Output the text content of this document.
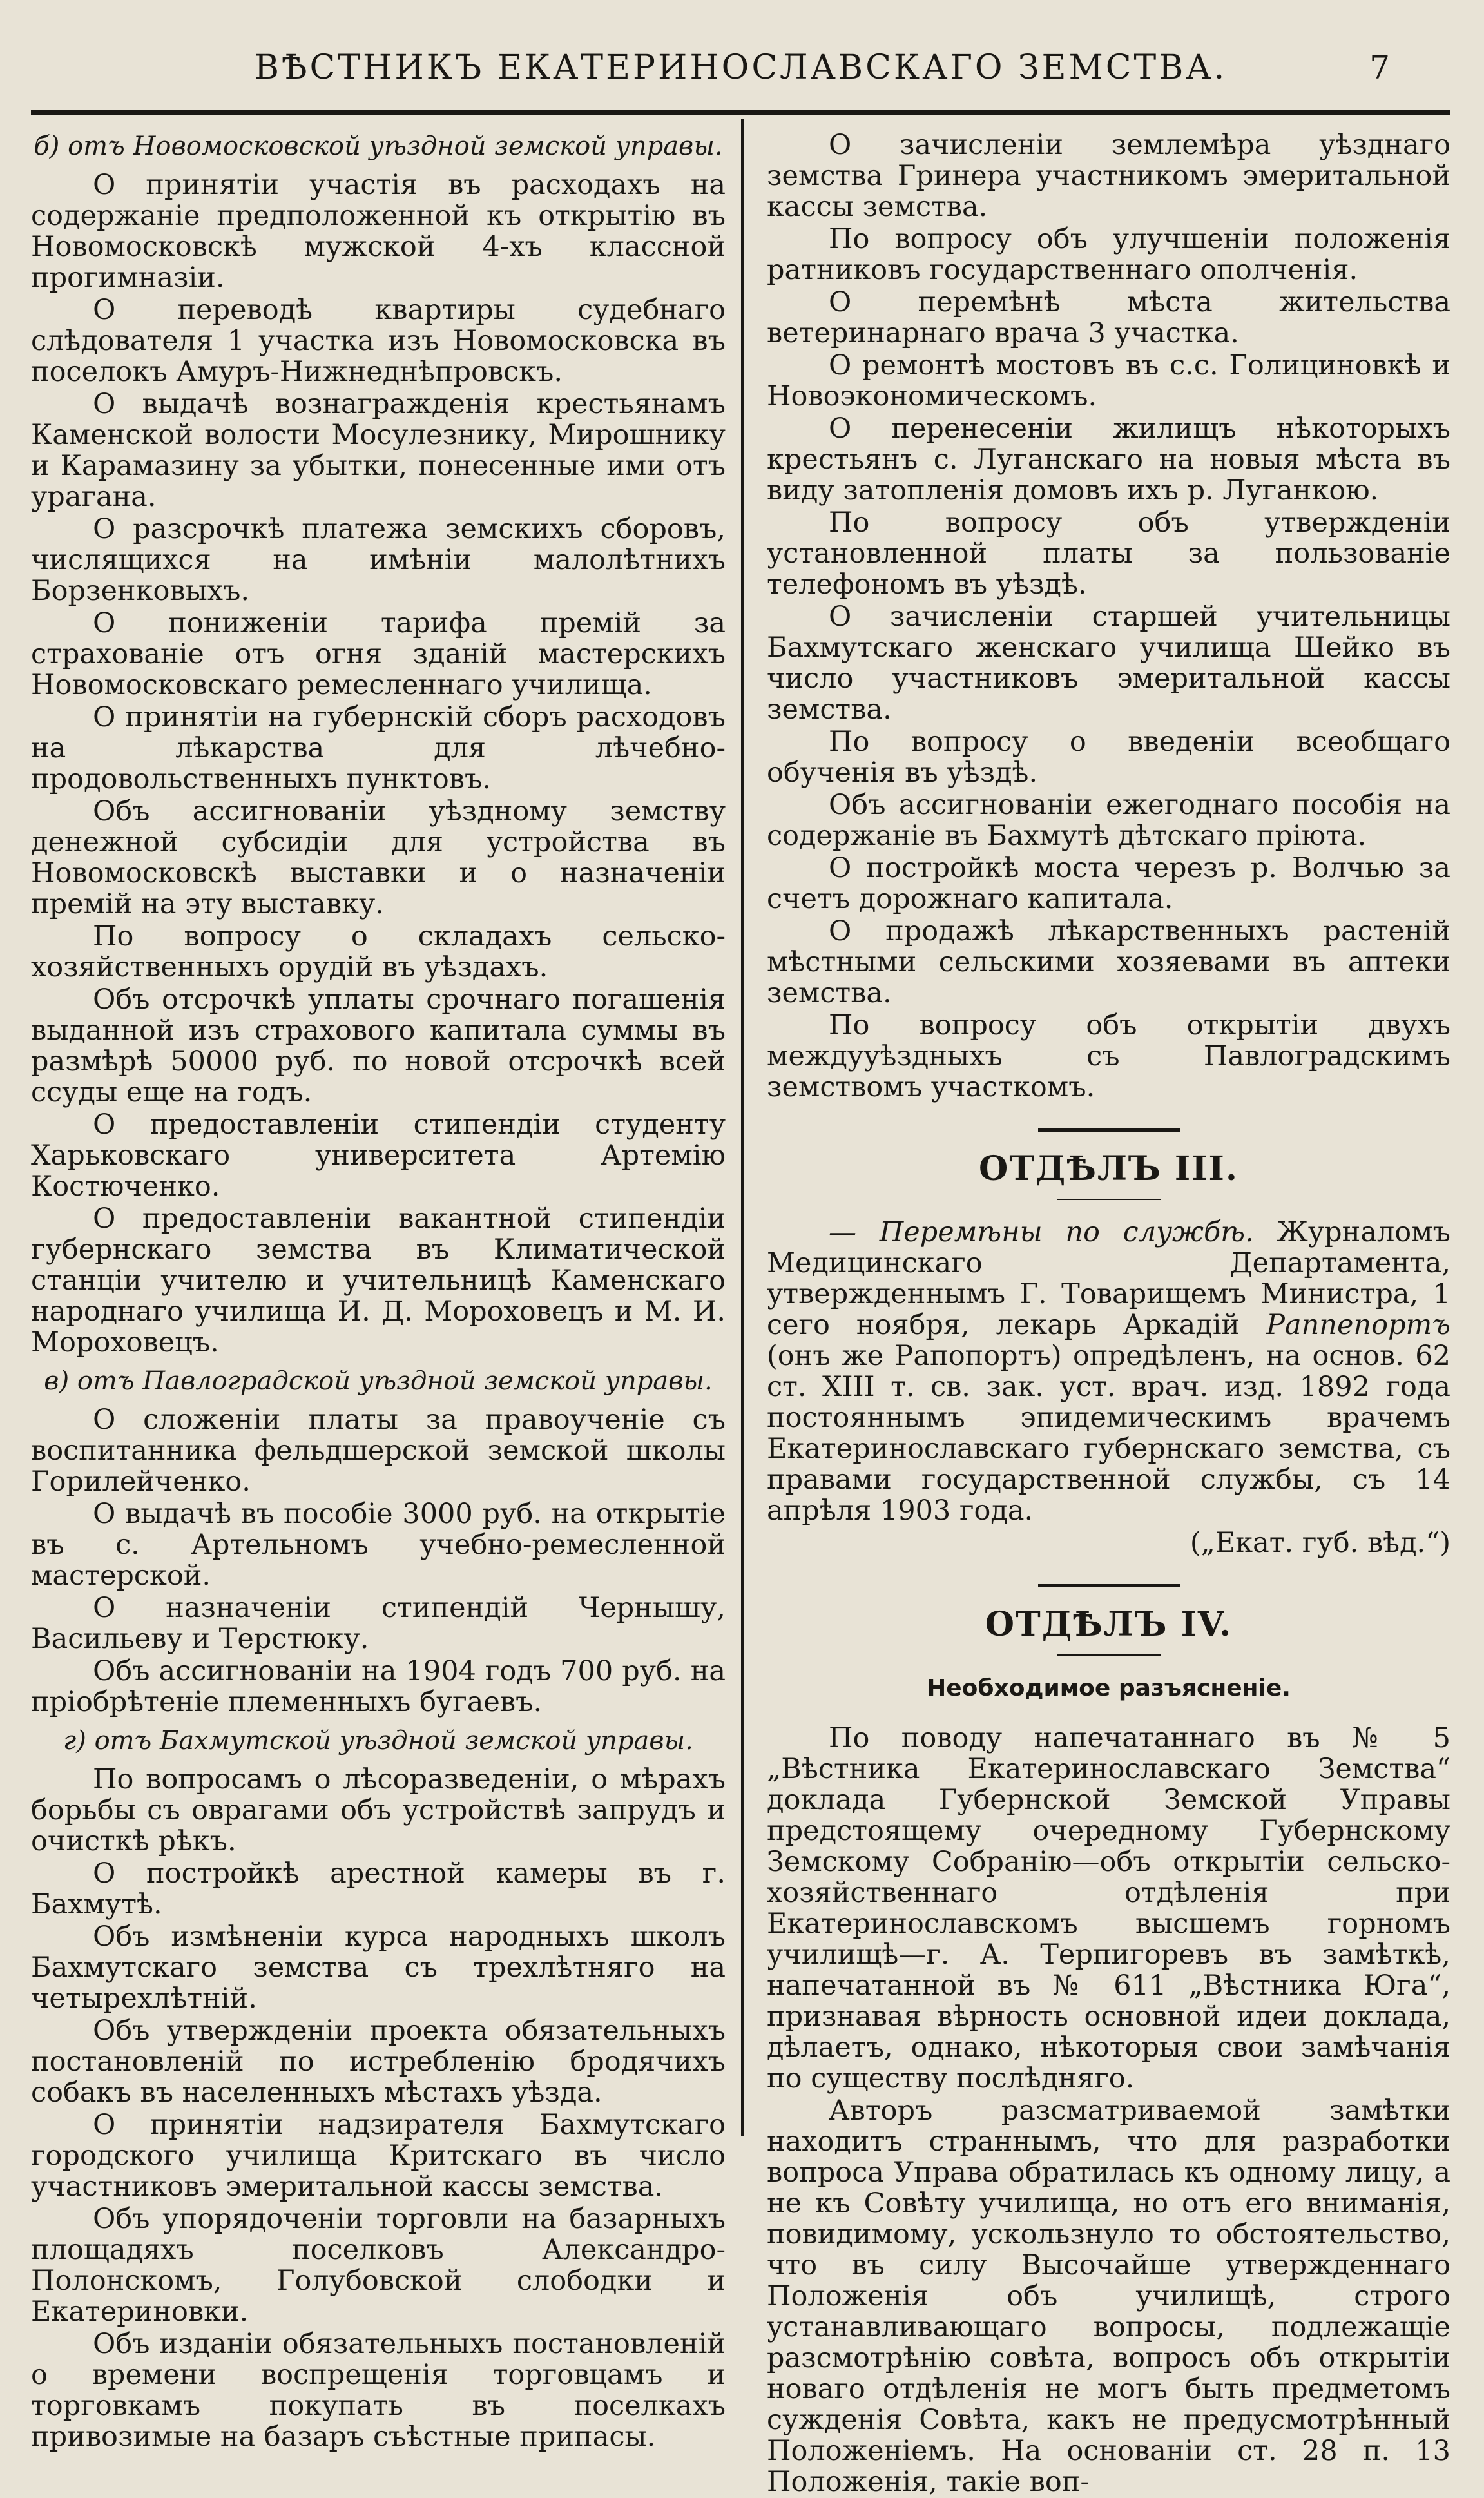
ВѢСТНИКЪ ЕКАТЕРИНОСЛАВСКАГО ЗЕМСТВА.	7

б) отъ Новомосковской уѣздной земской управы.

О принятіи участія въ расходахъ на содержаніе предположенной къ открытію въ Новомосковскѣ мужской 4-хъ классной прогимназіи.

О переводѣ квартиры судебнаго слѣдователя 1 участка изъ Новомосковска въ поселокъ Амуръ-Нижнеднѣпровскъ.

О выдачѣ вознагражденія крестьянамъ Каменской волости Мосулезнику, Мирошнику и Карамазину за убытки, понесенные ими отъ урагана.

О разсрочкѣ платежа земскихъ сборовъ, числящихся на имѣніи малолѣтнихъ Борзенковыхъ.

О пониженіи тарифа премій за страхованіе отъ огня зданій мастерскихъ Новомосковскаго ремесленнаго училища.

О принятіи на губернскій сборъ расходовъ на лѣкарства для лѣчебно-продовольственныхъ пунктовъ.

Объ ассигнованіи уѣздному земству денежной субсидіи для устройства въ Новомосковскѣ выставки и о назначеніи премій на эту выставку.

По вопросу о складахъ сельско-хозяйственныхъ орудій въ уѣздахъ.

Объ отсрочкѣ уплаты срочнаго погашенія выданной изъ страхового капитала суммы въ размѣрѣ 50000 руб. по новой отсрочкѣ всей ссуды еще на годъ.

О предоставленіи стипендіи студенту Харьковскаго университета Артемію Костюченко.

О предоставленіи вакантной стипендіи губернскаго земства въ Климатической станціи учителю и учительницѣ Каменскаго народнаго училища И. Д. Мороховецъ и М. И. Мороховецъ.

в) отъ Павлоградской уѣздной земской управы.

О сложеніи платы за правоученіе съ воспитанника фельдшерской земской школы Горилейченко.

О выдачѣ въ пособіе 3000 руб. на открытіе въ с. Артельномъ учебно-ремесленной мастерской.

О назначеніи стипендій Чернышу, Васильеву и Терстюку.

Объ ассигнованіи на 1904 годъ 700 руб. на пріобрѣтеніе племенныхъ бугаевъ.

г) отъ Бахмутской уѣздной земской управы.

По вопросамъ о лѣсоразведеніи, о мѣрахъ борьбы съ оврагами объ устройствѣ запрудъ и очисткѣ рѣкъ.

О постройкѣ арестной камеры въ г. Бахмутѣ.

Объ измѣненіи курса народныхъ школъ Бахмутскаго земства съ трехлѣтняго на четырехлѣтній.

Объ утвержденіи проекта обязательныхъ постановленій по истребленію бродячихъ собакъ въ населенныхъ мѣстахъ уѣзда.

О принятіи надзирателя Бахмутскаго городского училища Критскаго въ число участниковъ эмеритальной кассы земства.

Объ упорядоченіи торговли на базарныхъ площадяхъ поселковъ Александро-Полонскомъ, Голубовской слободки и Екатериновки.

Объ изданіи обязательныхъ постановленій о времени воспрещенія торговцамъ и торговкамъ покупать въ поселкахъ привозимые на базаръ съѣстные припасы.

О зачисленіи землемѣра уѣзднаго земства Гринера участникомъ эмеритальной кассы земства.

По вопросу объ улучшеніи положенія ратниковъ государственнаго ополченія.

О перемѣнѣ мѣста жительства ветеринарнаго врача 3 участка.

О ремонтѣ мостовъ въ с.с. Голициновкѣ и Новоэкономическомъ.

О перенесеніи жилищъ нѣкоторыхъ крестьянъ с. Луганскаго на новыя мѣста въ виду затопленія домовъ ихъ р. Луганкою.

По вопросу объ утвержденіи установленной платы за пользованіе телефономъ въ уѣздѣ.

О зачисленіи старшей учительницы Бахмутскаго женскаго училища Шейко въ число участниковъ эмеритальной кассы земства.

По вопросу о введеніи всеобщаго обученія въ уѣздѣ.

Объ ассигнованіи ежегоднаго пособія на содержаніе въ Бахмутѣ дѣтскаго пріюта.

О постройкѣ моста черезъ р. Волчью за счетъ дорожнаго капитала.

О продажѣ лѣкарственныхъ растеній мѣстными сельскими хозяевами въ аптеки земства.

По вопросу объ открытіи двухъ междууѣздныхъ съ Павлоградскимъ земствомъ участкомъ.

ОТДѢЛЪ III.

— Перемѣны по службѣ. Журналомъ Медицинскаго Департамента, утвержденнымъ Г. Товарищемъ Министра, 1 сего ноября, лекарь Аркадій Раппепортъ (онъ же Рапопортъ) опредѣленъ, на основ. 62 ст. XIII т. св. зак. уст. врач. изд. 1892 года постояннымъ эпидемическимъ врачемъ Екатеринославскаго губернскаго земства, съ правами государственной службы, съ 14 апрѣля 1903 года.

(„Екат. губ. вѣд.“)

ОТДѢЛЪ IV.

Необходимое разъясненіе.

По поводу напечатаннаго въ № 5 „Вѣстника Екатеринославскаго Земства“ доклада Губернской Земской Управы предстоящему очередному Губернскому Земскому Собранію—объ открытіи сельско-хозяйственнаго отдѣленія при Екатеринославскомъ высшемъ горномъ училищѣ—г. А. Терпигоревъ въ замѣткѣ, напечатанной въ № 611 „Вѣстника Юга“, признавая вѣрность основной идеи доклада, дѣлаетъ, однако, нѣкоторыя свои замѣчанія по существу послѣдняго.

Авторъ разсматриваемой замѣтки находитъ страннымъ, что для разработки вопроса Управа обратилась къ одному лицу, а не къ Совѣту училища, но отъ его вниманія, повидимому, ускользнуло то обстоятельство, что въ силу Высочайше утвержденнаго Положенія объ училищѣ, строго устанавливающаго вопросы, подлежащіе разсмотрѣнію совѣта, вопросъ объ открытіи новаго отдѣленія не могъ быть предметомъ сужденія Совѣта, какъ не предусмотрѣнный Положеніемъ. На основаніи ст. 28 п. 13 Положенія, такіе воп-
